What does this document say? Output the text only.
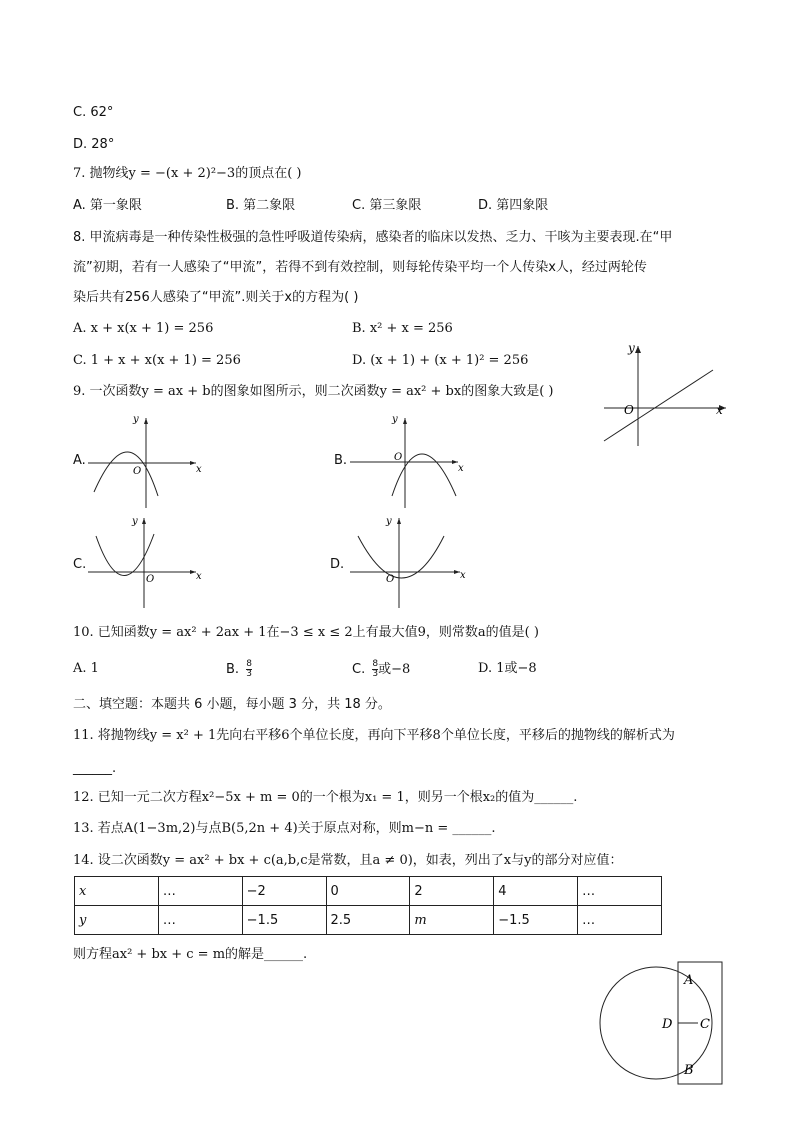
C. 62°
D. 28°
7. 抛物线y = −(x + 2)²−3的顶点在( )
A. 第一象限	B. 第二象限	C. 第三象限	D. 第四象限
8. 甲流病毒是一种传染性极强的急性呼吸道传染病，感染者的临床以发热、乏力、干咳为主要表现.在“甲
流”初期，若有一人感染了“甲流”，若得不到有效控制，则每轮传染平均一个人传染x人，经过两轮传
染后共有256人感染了“甲流”.则关于x的方程为( )
A. x + x(x + 1) = 256	B. x² + x = 256
C. 1 + x + x(x + 1) = 256	D. (x + 1) + (x + 1)² = 256
9. 一次函数y = ax + b的图象如图所示，则二次函数y = ax² + bx的图象大致是( )
x
y
O
A.
x
y
O
B.
x
y
O
C.
x
y
O
D.
x
y
O
10. 已知函数y = ax² + 2ax + 1在−3 ≤ x ≤ 2上有最大值9，则常数a的值是( )
A. 1	B. $\frac{8}{3}$	C. $\frac{8}{3}$ 或−8	D. 1或−8
二、填空题：本题共 6 小题，每小题 3 分，共 18 分。
11. 将抛物线y = x² + 1先向右平移6个单位长度，再向下平移8个单位长度，平移后的抛物线的解析式为
______.
12. 已知一元二次方程x²−5x + m = 0的一个根为x₁ = 1，则另一个根x₂的值为______.
13. 若点A(1−3m,2)与点B(5,2n + 4)关于原点对称，则m−n = ______.
14. 设二次函数y = ax² + bx + c(a,b,c是常数，且a ≠ 0)，如表，列出了x与y的部分对应值：
x	…	−2	0	2	4	…
y	…	−1.5	2.5	m	−1.5	…
则方程ax² + bx + c = m的解是______.
A
C
D
B
